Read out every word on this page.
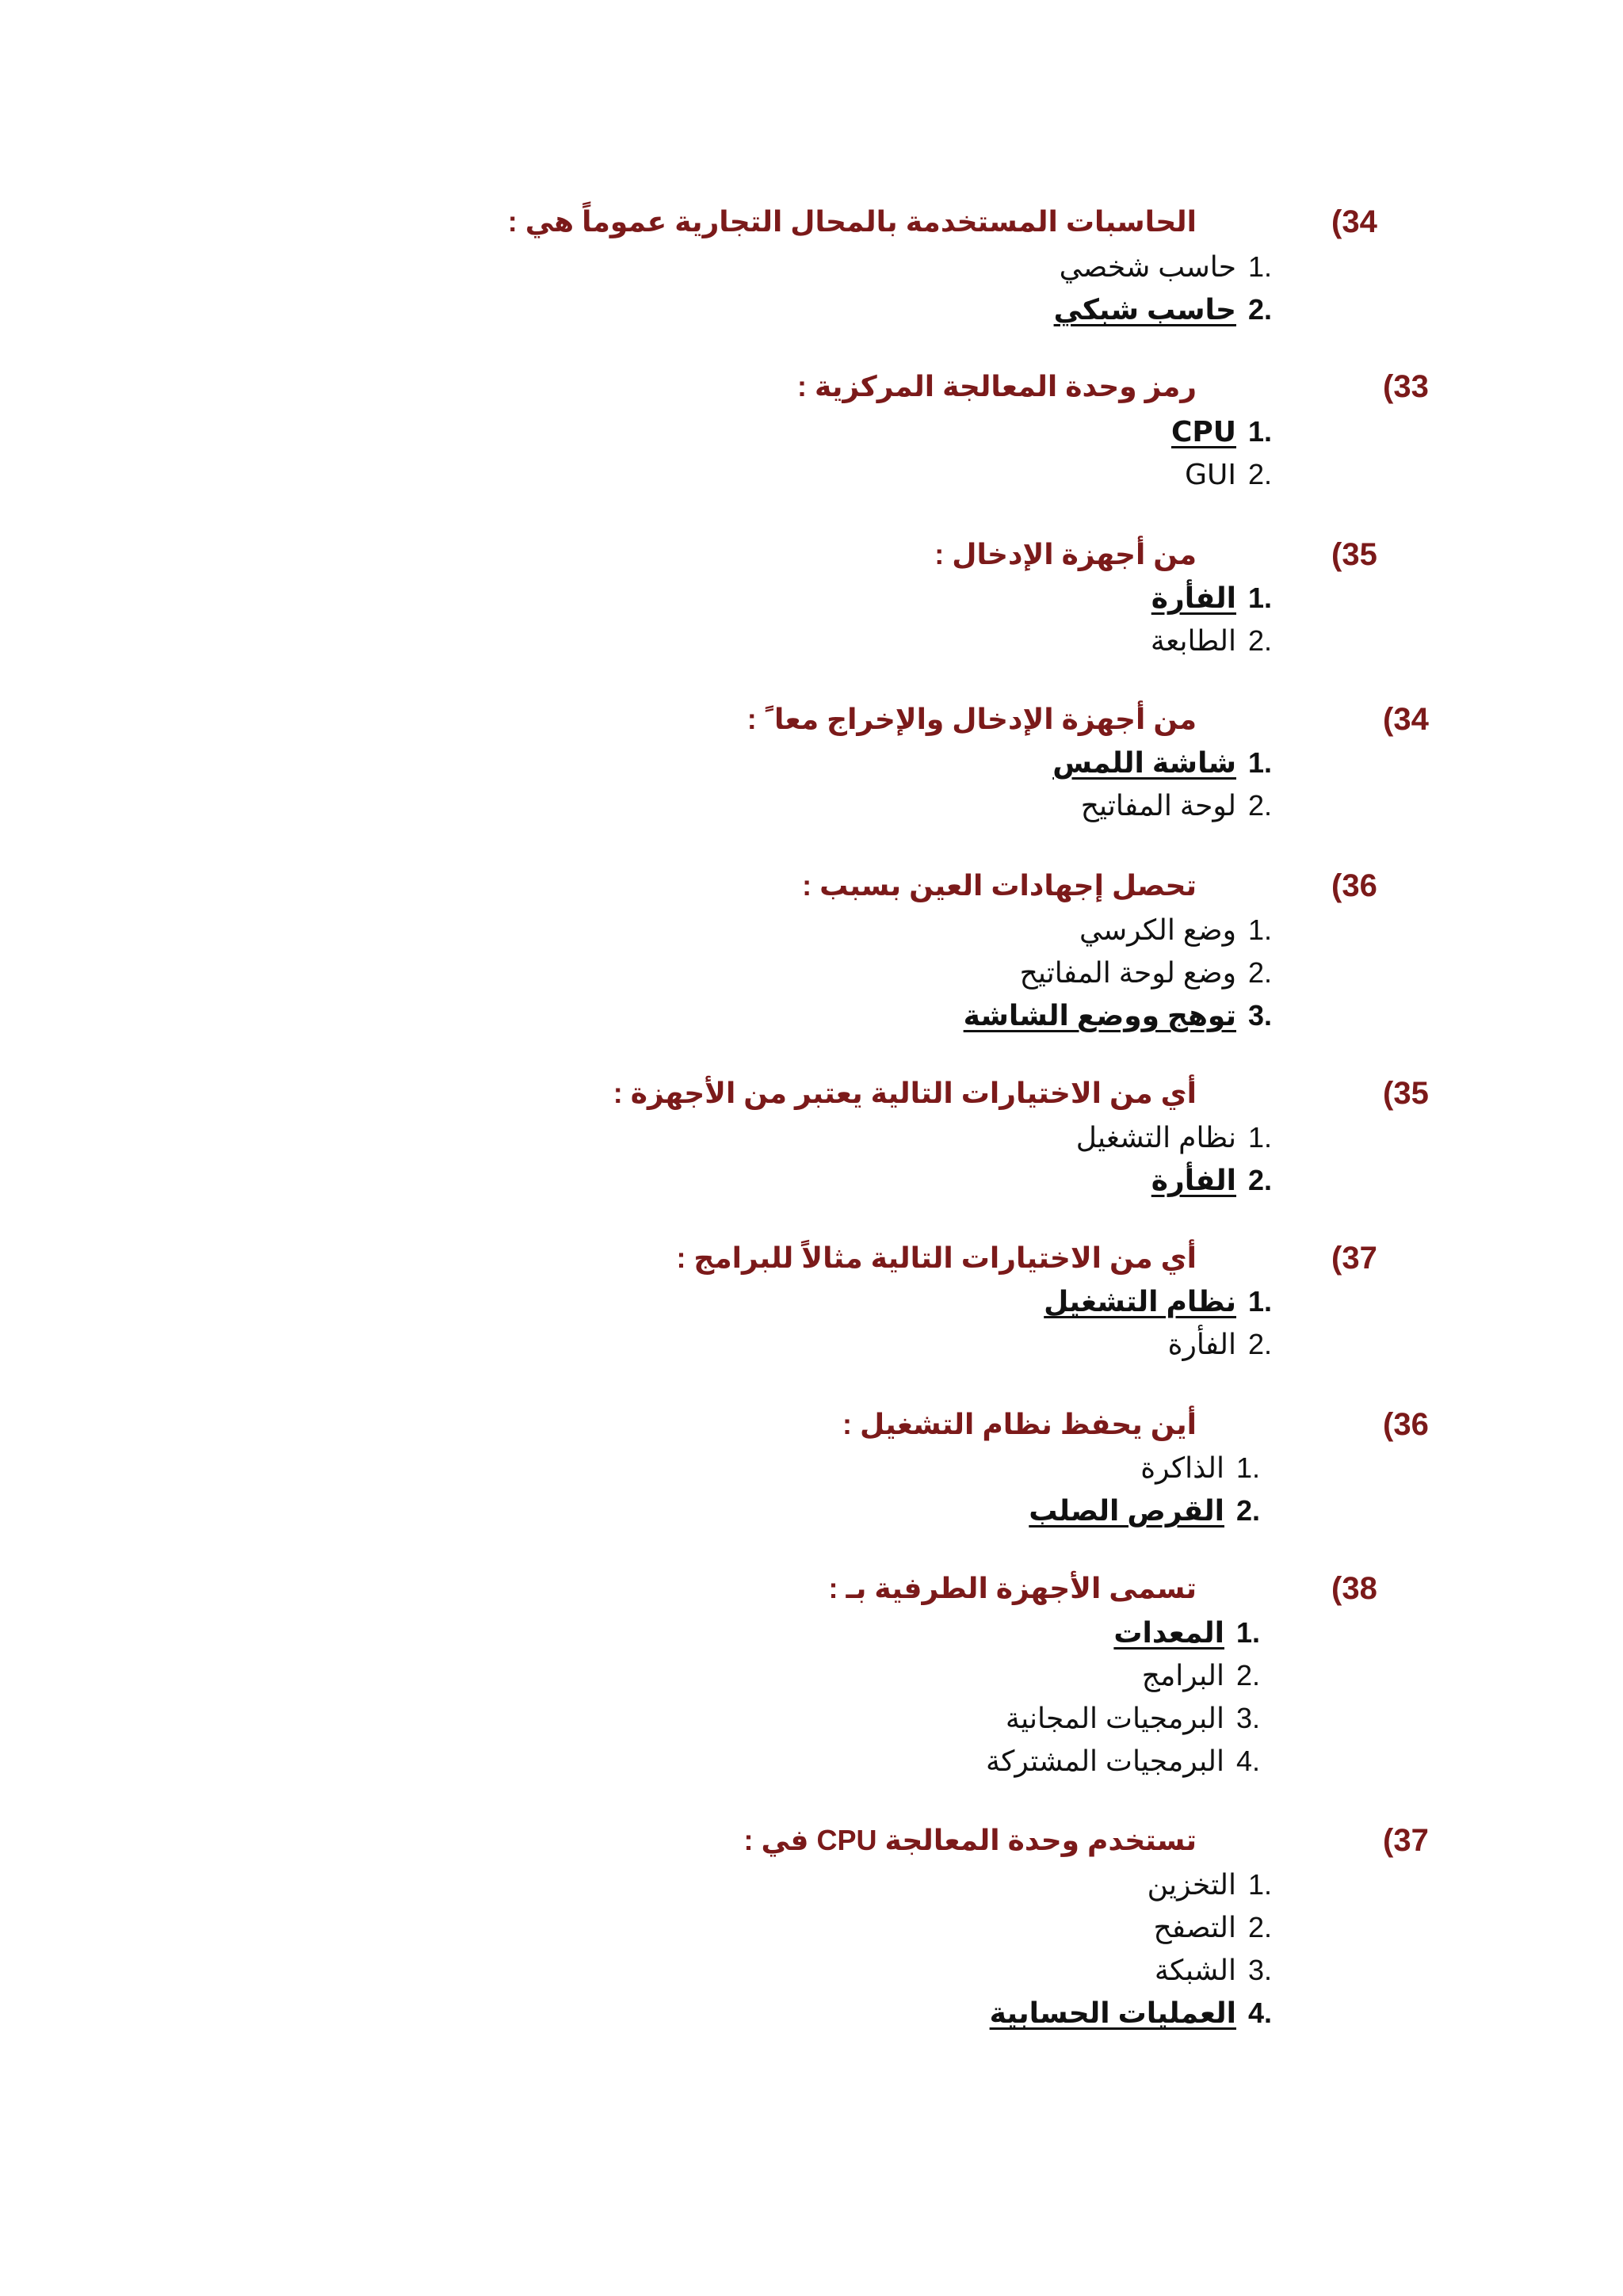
(34
الحاسبات المستخدمة بالمحال التجارية عموماً هي :
1.حاسب شخصي
2.حاسب شبكي
(33
رمز وحدة المعالجة المركزية :
1.CPU
2.GUI
(35
من أجهزة الإدخال :
1.الفأرة
2.الطابعة
(34
من أجهزة الإدخال والإخراج معا ً :
1.شاشة اللمس
2.لوحة المفاتيح
(36
تحصل إجهادات العين بسبب :
1.وضع الكرسي
2.وضع لوحة المفاتيح
3.توهج ووضع الشاشة
(35
أي من الاختيارات التالية يعتبر من الأجهزة :
1.نظام التشغيل
2.الفأرة
(37
أي من الاختيارات التالية مثالاً للبرامج :
1.نظام التشغيل
2.الفأرة
(36
أين يحفظ نظام التشغيل :
1.الذاكرة
2.القرص الصلب
(38
تسمى الأجهزة الطرفية بـ :
1.المعدات
2.البرامج
3.البرمجيات المجانية
4.البرمجيات المشتركة
(37
تستخدم وحدة المعالجة CPU في :
1.التخزين
2.التصفح
3.الشبكة
4.العمليات الحسابية
